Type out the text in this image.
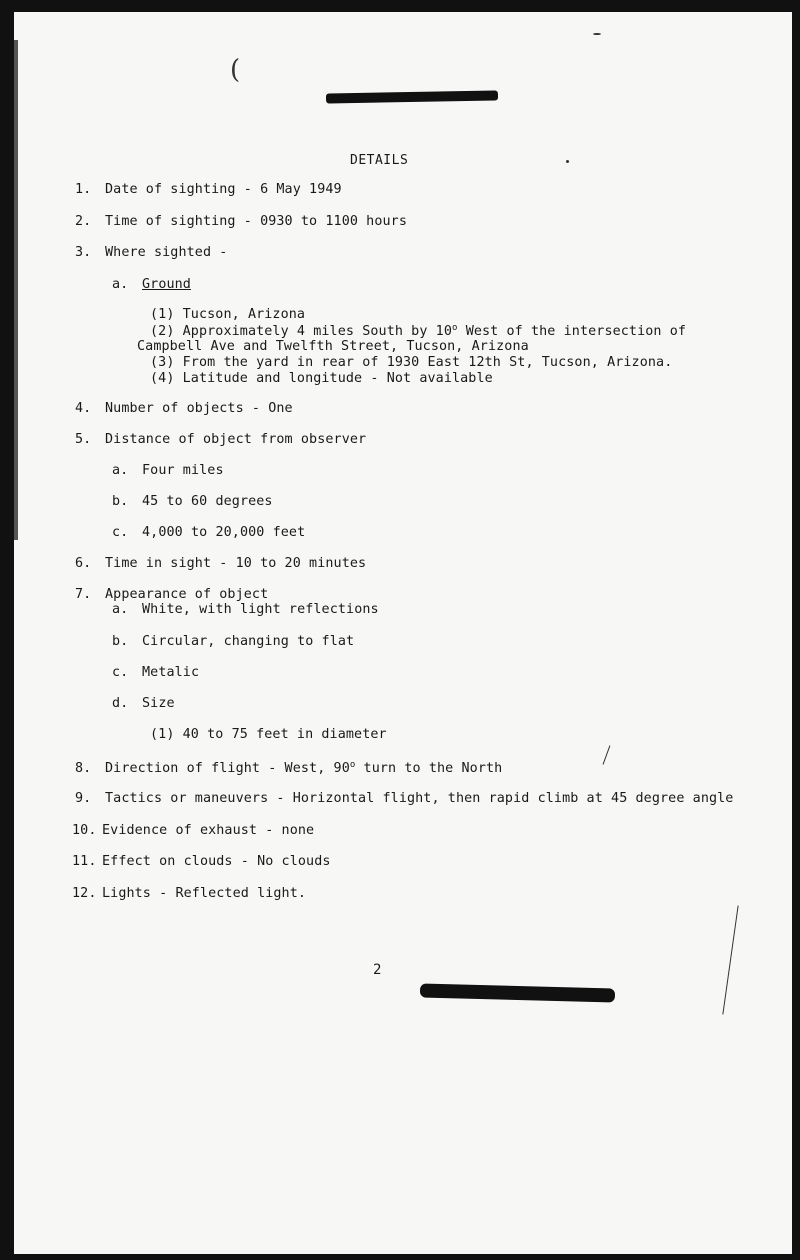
(
DETAILS
1. Date of sighting - 6 May 1949
2. Time of sighting - 0930 to 1100 hours
3. Where sighted -
a. Ground
(1) Tucson, Arizona
(2) Approximately 4 miles South by 10$^o$ West of the intersection of
Campbell Ave and Twelfth Street, Tucson, Arizona
(3) From the yard in rear of 1930 East 12th St, Tucson, Arizona.
(4) Latitude and longitude - Not available
4. Number of objects - One
5. Distance of object from observer
a. Four miles
b. 45 to 60 degrees
c. 4,000 to 20,000 feet
6. Time in sight - 10 to 20 minutes
7. Appearance of object
a. White, with light reflections
b. Circular, changing to flat
c. Metalic
d. Size
(1) 40 to 75 feet in diameter
8. Direction of flight - West, 90$^o$ turn to the North
9. Tactics or maneuvers - Horizontal flight, then rapid climb at 45 degree angle
10. Evidence of exhaust - none
11. Effect on clouds - No clouds
12. Lights - Reflected light.
2
